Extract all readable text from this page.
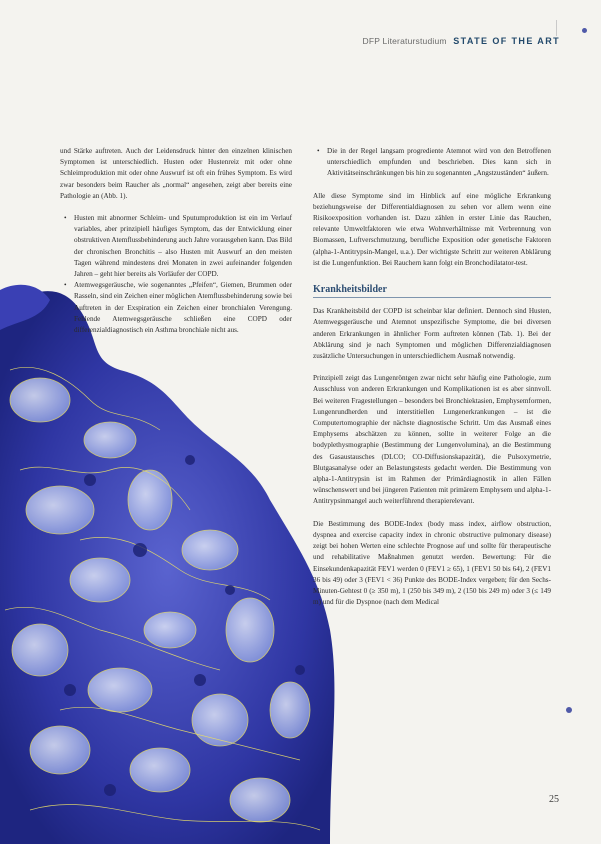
DFP Literaturstudium STATE OF THE ART

und Stärke auftreten. Auch der Leidensdruck hinter den einzelnen klinischen Symptomen ist unterschiedlich. Husten oder Hustenreiz mit oder ohne Schleimproduktion mit oder ohne Auswurf ist oft ein frühes Symptom. Es wird zwar besonders beim Raucher als „normal“ angesehen, zeigt aber bereits eine Pathologie an (Abb. 1).

• Husten mit abnormer Schleim- und Sputumproduktion ist ein im Verlauf variables, aber prinzipiell häufiges Symptom, das der Entwicklung einer obstruktiven Atemflussbehinderung auch Jahre vorausgehen kann. Das Bild der chronischen Bronchitis – also Husten mit Auswurf an den meisten Tagen während mindestens drei Monaten in zwei aufeinander folgenden Jahren – geht hier bereits als Vorläufer der COPD.
• Atemwegsgeräusche, wie sogenanntes „Pfeifen“, Giemen, Brummen oder Rasseln, sind ein Zeichen einer möglichen Atemflussbehinderung sowie bei Auftreten in der Exspiration ein Zeichen einer bronchialen Verengung. Fehlende Atemwegsgeräusche schließen eine COPD oder differenzialdiagnostisch ein Asthma bronchiale nicht aus.
• Die in der Regel langsam progrediente Atemnot wird von den Betroffenen unterschiedlich empfunden und beschrieben. Dies kann sich in Aktivitätseinschränkungen bis hin zu sogenannten „Angstzuständen“ äußern.

Alle diese Symptome sind im Hinblick auf eine mögliche Erkrankung beziehungsweise der Differentialdiagnosen zu sehen vor allem wenn eine Risikoexposition vorhanden ist. Dazu zählen in erster Linie das Rauchen, relevante Umweltfaktoren wie etwa Wohnverhältnisse mit Verbrennung von Biomassen, Luftverschmutzung, berufliche Exposition oder genetische Faktoren (alpha-1-Antitrypsin-Mangel, u.a.). Der wichtigste Schritt zur weiteren Abklärung ist die Lungenfunktion. Bei Rauchern kann folgt ein Bronchodilatator-test.

Krankheitsbilder

Das Krankheitsbild der COPD ist scheinbar klar definiert. Dennoch sind Husten, Atemwegsgeräusche und Atemnot unspezifische Symptome, die bei diversen anderen Erkrankungen in ähnlicher Form auftreten können (Tab. 1). Bei der Abklärung sind je nach Symptomen und möglichen Differenzialdiagnosen zusätzliche Untersuchungen in unterschiedlichem Ausmaß notwendig.

Prinzipiell zeigt das Lungenröntgen zwar nicht sehr häufig eine Pathologie, zum Ausschluss von anderen Erkrankungen und Komplikationen ist es aber sinnvoll. Bei weiteren Fragestellungen – besonders bei Bronchiektasien, Emphysemformen, Lungenrundherden und interstitiellen Lungenerkrankungen – ist die Computertomographie der nächste diagnostische Schritt. Um das Ausmaß eines Emphysems abschätzen zu können, sollte in weiterer Folge an die bodyplethysmographie (Bestimmung der Lungenvolumina), an die Bestimmung des Gasaustausches (DLCO; CO-Diffusionskapazität), die Pulsoxymetrie, Blutgasanalyse oder an Belastungstests gedacht werden. Die Bestimmung von alpha-1-Antitrypsin ist im Rahmen der Primärdiagnostik in allen Fällen wünschenswert und bei jüngeren Patienten mit primärem Emphysem und alpha-1-Antitrypsinmangel auch weiterführend therapierelevant.

Die Bestimmung des BODE-Index (body mass index, airflow obstruction, dyspnea and exercise capacity index in chronic obstructive pulmonary disease) zeigt bei hohen Werten eine schlechte Prognose auf und sollte für therapeutische und rehabilitative Maßnahmen genutzt werden. Bewertung: Für die Einsekundenkapazität FEV1 werden 0 (FEV1 ≥ 65), 1 (FEV1 50 bis 64), 2 (FEV1 36 bis 49) oder 3 (FEV1 < 36) Punkte des BODE-Index vergeben; für den Sechs-Minuten-Gehtest 0 (≥ 350 m), 1 (250 bis 349 m), 2 (150 bis 249 m) oder 3 (≤ 149 m) und für die Dyspnoe (nach dem Medical

25
